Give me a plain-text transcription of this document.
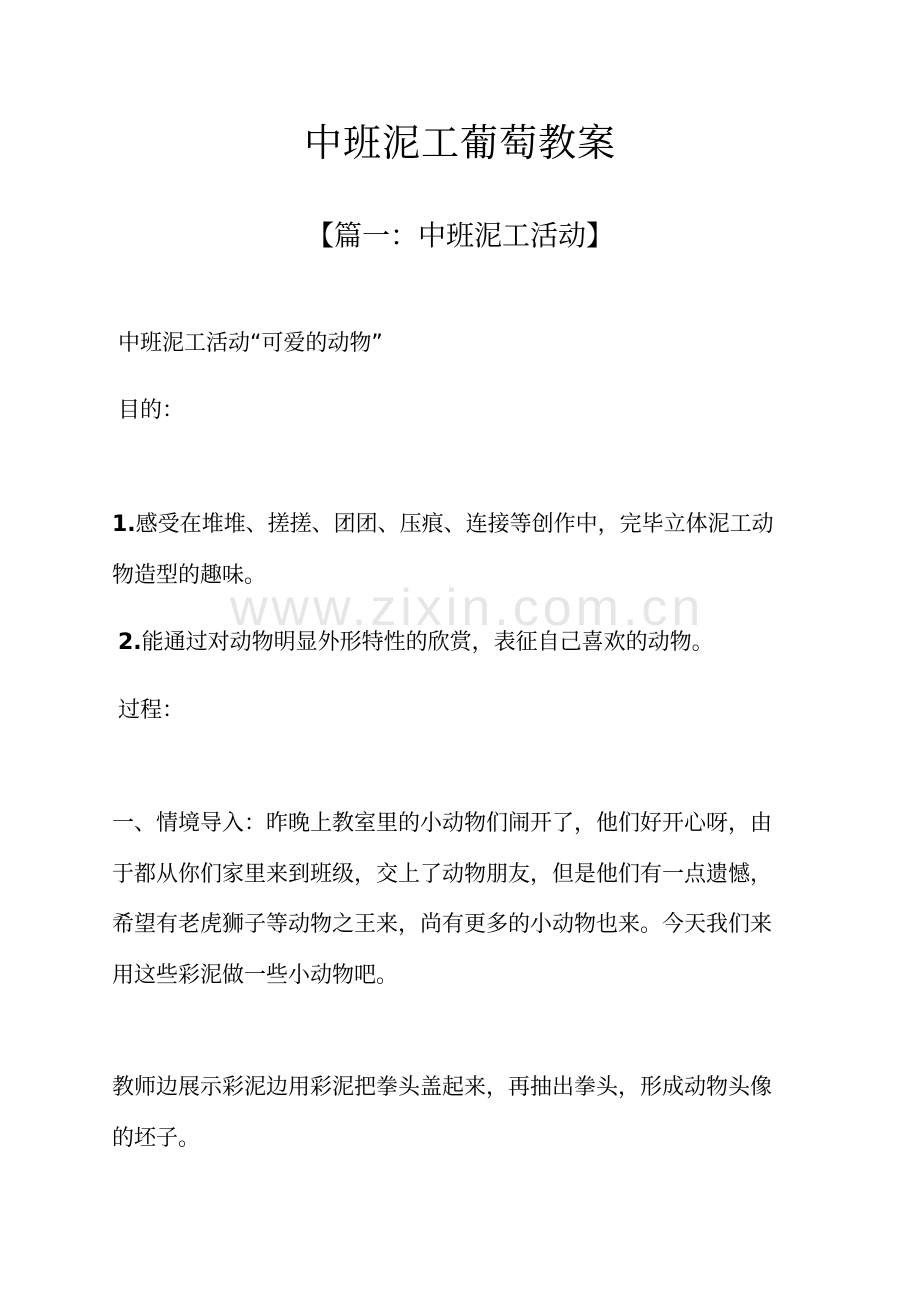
www.zixin.com.cn
中班泥工葡萄教案
【篇一：中班泥工活动】

中班泥工活动“可爱的动物”

目的：

1.感受在堆堆、搓搓、团团、压痕、连接等创作中，完毕立体泥工动

物造型的趣味。

2.能通过对动物明显外形特性的欣赏，表征自己喜欢的动物。

过程：

一、情境导入：昨晚上教室里的小动物们闹开了，他们好开心呀，由

于都从你们家里来到班级，交上了动物朋友，但是他们有一点遗憾，

希望有老虎狮子等动物之王来，尚有更多的小动物也来。今天我们来

用这些彩泥做一些小动物吧。

教师边展示彩泥边用彩泥把拳头盖起来，再抽出拳头，形成动物头像

的坯子。
